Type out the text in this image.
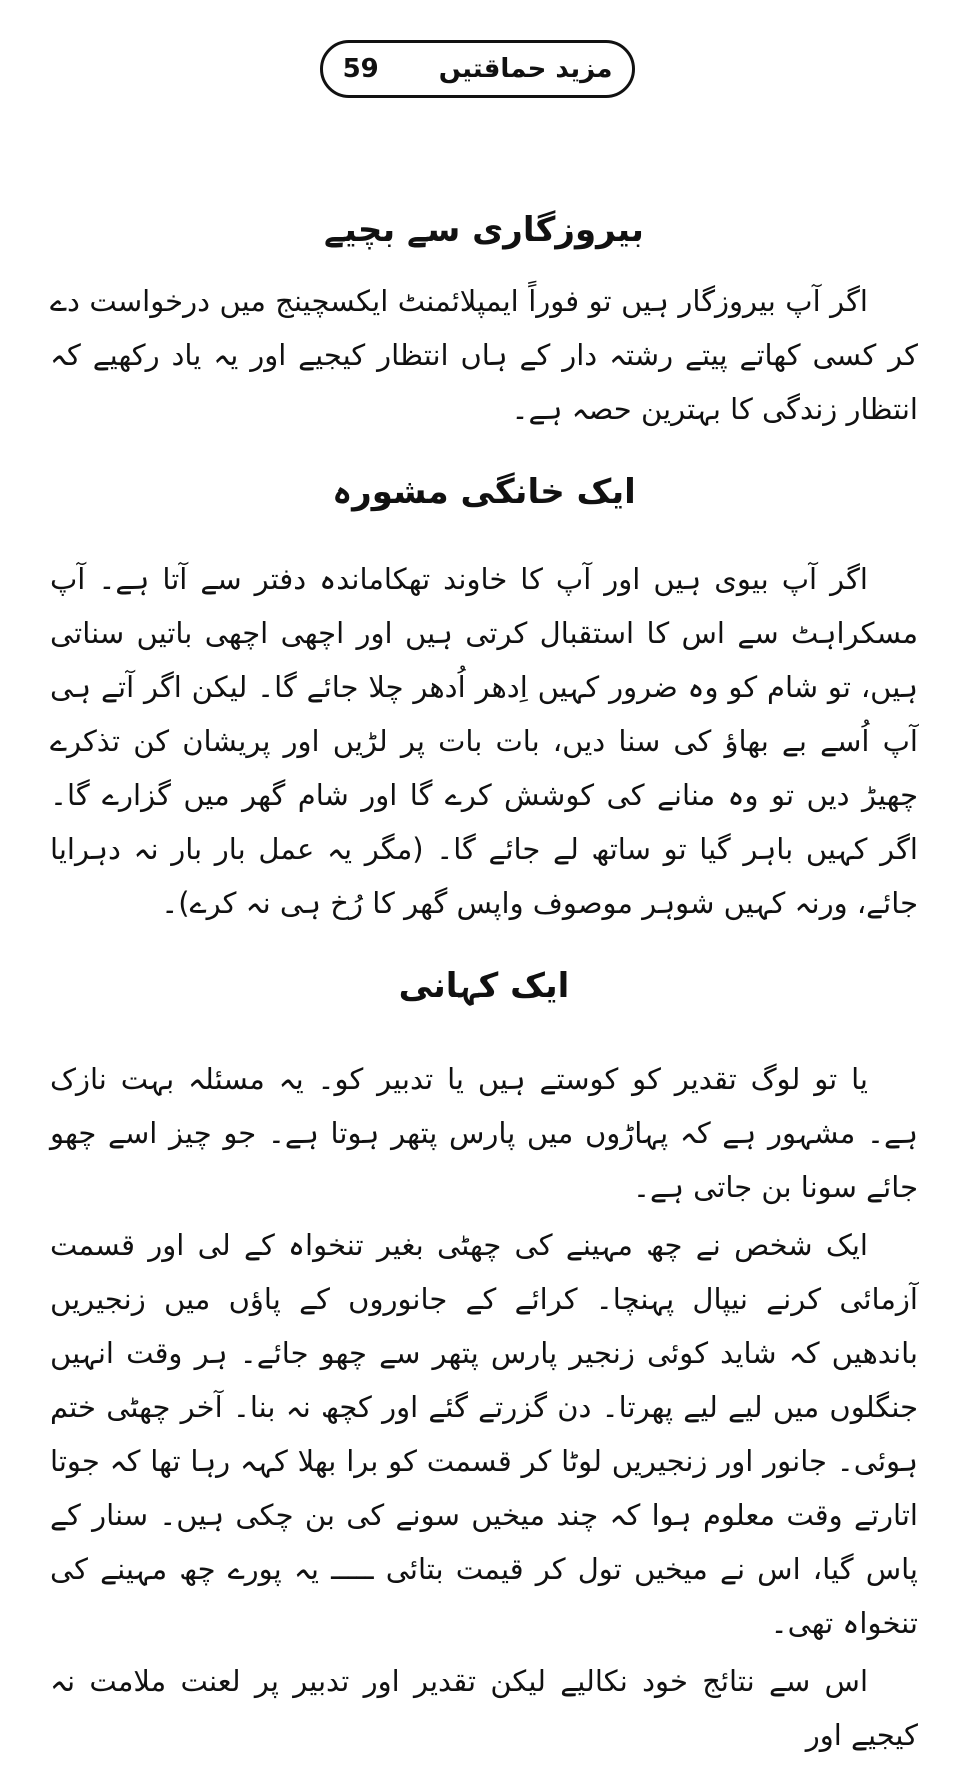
59 مزید حماقتیں
بیروزگاری سے بچیے

اگر آپ بیروزگار ہیں تو فوراً ایمپلائمنٹ ایکسچینج میں درخواست دے کر کسی کھاتے پیتے رشتہ دار کے ہاں انتظار کیجیے اور یہ یاد رکھیے کہ انتظار زندگی کا بہترین حصہ ہے۔

ایک خانگی مشورہ

اگر آپ بیوی ہیں اور آپ کا خاوند تھکاماندہ دفتر سے آتا ہے۔ آپ مسکراہٹ سے اس کا استقبال کرتی ہیں اور اچھی اچھی باتیں سناتی ہیں، تو شام کو وہ ضرور کہیں اِدھر اُدھر چلا جائے گا۔ لیکن اگر آتے ہی آپ اُسے بے بھاؤ کی سنا دیں، بات بات پر لڑیں اور پریشان کن تذکرے چھیڑ دیں تو وہ منانے کی کوشش کرے گا اور شام گھر میں گزارے گا۔ اگر کہیں باہر گیا تو ساتھ لے جائے گا۔ (مگر یہ عمل بار بار نہ دہرایا جائے، ورنہ کہیں شوہر موصوف واپس گھر کا رُخ ہی نہ کرے)۔

ایک کہانی

یا تو لوگ تقدیر کو کوستے ہیں یا تدبیر کو۔ یہ مسئلہ بہت نازک ہے۔ مشہور ہے کہ پہاڑوں میں پارس پتھر ہوتا ہے۔ جو چیز اسے چھو جائے سونا بن جاتی ہے۔

ایک شخص نے چھ مہینے کی چھٹی بغیر تنخواہ کے لی اور قسمت آزمائی کرنے نیپال پہنچا۔ کرائے کے جانوروں کے پاؤں میں زنجیریں باندھیں کہ شاید کوئی زنجیر پارس پتھر سے چھو جائے۔ ہر وقت انہیں جنگلوں میں لیے لیے پھرتا۔ دن گزرتے گئے اور کچھ نہ بنا۔ آخر چھٹی ختم ہوئی۔ جانور اور زنجیریں لوٹا کر قسمت کو برا بھلا کہہ رہا تھا کہ جوتا اتارتے وقت معلوم ہوا کہ چند میخیں سونے کی بن چکی ہیں۔ سنار کے پاس گیا، اس نے میخیں تول کر قیمت بتائی ـــــ یہ پورے چھ مہینے کی تنخواہ تھی۔

اس سے نتائج خود نکالیے لیکن تقدیر اور تدبیر پر لعنت ملامت نہ کیجیے اور
